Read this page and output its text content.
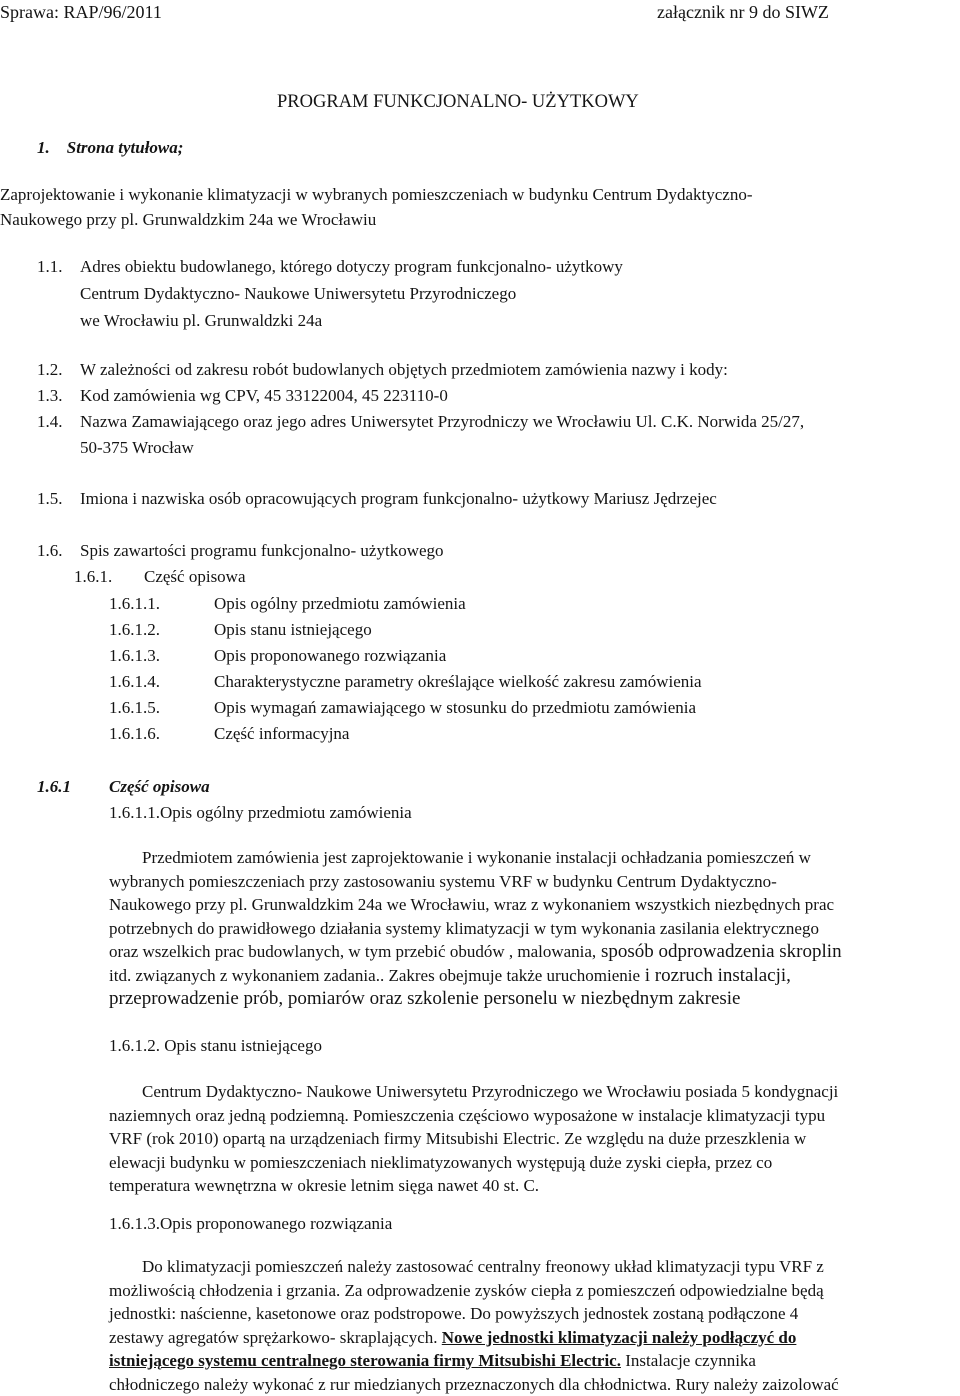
Sprawa: RAP/96/2011	załącznik nr 9 do SIWZ
PROGRAM FUNKCJONALNO- UŻYTKOWY
1. Strona tytułowa;
Zaprojektowanie i wykonanie klimatyzacji w wybranych pomieszczeniach w budynku Centrum Dydaktyczno-
Naukowego przy pl. Grunwaldzkim 24a we Wrocławiu
1.1. Adres obiektu budowlanego, którego dotyczy program funkcjonalno- użytkowy
Centrum Dydaktyczno- Naukowe Uniwersytetu Przyrodniczego
we Wrocławiu pl. Grunwaldzki 24a
1.2. W zależności od zakresu robót budowlanych objętych przedmiotem zamówienia nazwy i kody:
1.3. Kod zamówienia wg CPV, 45 33122004, 45 223110-0
1.4. Nazwa Zamawiającego oraz jego adres Uniwersytet Przyrodniczy we Wrocławiu Ul. C.K. Norwida 25/27,
50-375 Wrocław
1.5. Imiona i nazwiska osób opracowujących program funkcjonalno- użytkowy Mariusz Jędrzejec
1.6. Spis zawartości programu funkcjonalno- użytkowego
1.6.1. Część opisowa
1.6.1.1.	Opis ogólny przedmiotu zamówienia
1.6.1.2.	Opis stanu istniejącego
1.6.1.3.	Opis proponowanego rozwiązania
1.6.1.4.	Charakterystyczne parametry określające wielkość zakresu zamówienia
1.6.1.5.	Opis wymagań zamawiającego w stosunku do przedmiotu zamówienia
1.6.1.6.	Część informacyjna
1.6.1 Część opisowa
1.6.1.1.Opis ogólny przedmiotu zamówienia
Przedmiotem zamówienia jest zaprojektowanie i wykonanie instalacji ochładzania pomieszczeń w
wybranych pomieszczeniach przy zastosowaniu systemu VRF w budynku Centrum Dydaktyczno-
Naukowego przy pl. Grunwaldzkim 24a we Wrocławiu, wraz z wykonaniem wszystkich niezbędnych prac
potrzebnych do prawidłowego działania systemy klimatyzacji w tym wykonania zasilania elektrycznego
oraz wszelkich prac budowlanych, w tym przebić obudów , malowania, sposób odprowadzenia skroplin
itd. związanych z wykonaniem zadania.. Zakres obejmuje także uruchomienie i rozruch instalacji,
przeprowadzenie prób, pomiarów oraz szkolenie personelu w niezbędnym zakresie
1.6.1.2. Opis stanu istniejącego
Centrum Dydaktyczno- Naukowe Uniwersytetu Przyrodniczego we Wrocławiu posiada 5 kondygnacji
naziemnych oraz jedną podziemną. Pomieszczenia częściowo wyposażone w instalacje klimatyzacji typu
VRF (rok 2010) opartą na urządzeniach firmy Mitsubishi Electric. Ze względu na duże przeszklenia w
elewacji budynku w pomieszczeniach nieklimatyzowanych występują duże zyski ciepła, przez co
temperatura wewnętrzna w okresie letnim sięga nawet 40 st. C.
1.6.1.3.Opis proponowanego rozwiązania
Do klimatyzacji pomieszczeń należy zastosować centralny freonowy układ klimatyzacji typu VRF z
możliwością chłodzenia i grzania. Za odprowadzenie zysków ciepła z pomieszczeń odpowiedzialne będą
jednostki: naścienne, kasetonowe oraz podstropowe. Do powyższych jednostek zostaną podłączone 4
zestawy agregatów sprężarkowo- skraplających. Nowe jednostki klimatyzacji należy podłączyć do
istniejącego systemu centralnego sterowania firmy Mitsubishi Electric. Instalacje czynnika
chłodniczego należy wykonać z rur miedzianych przeznaczonych dla chłodnictwa. Rury należy zaizolować
